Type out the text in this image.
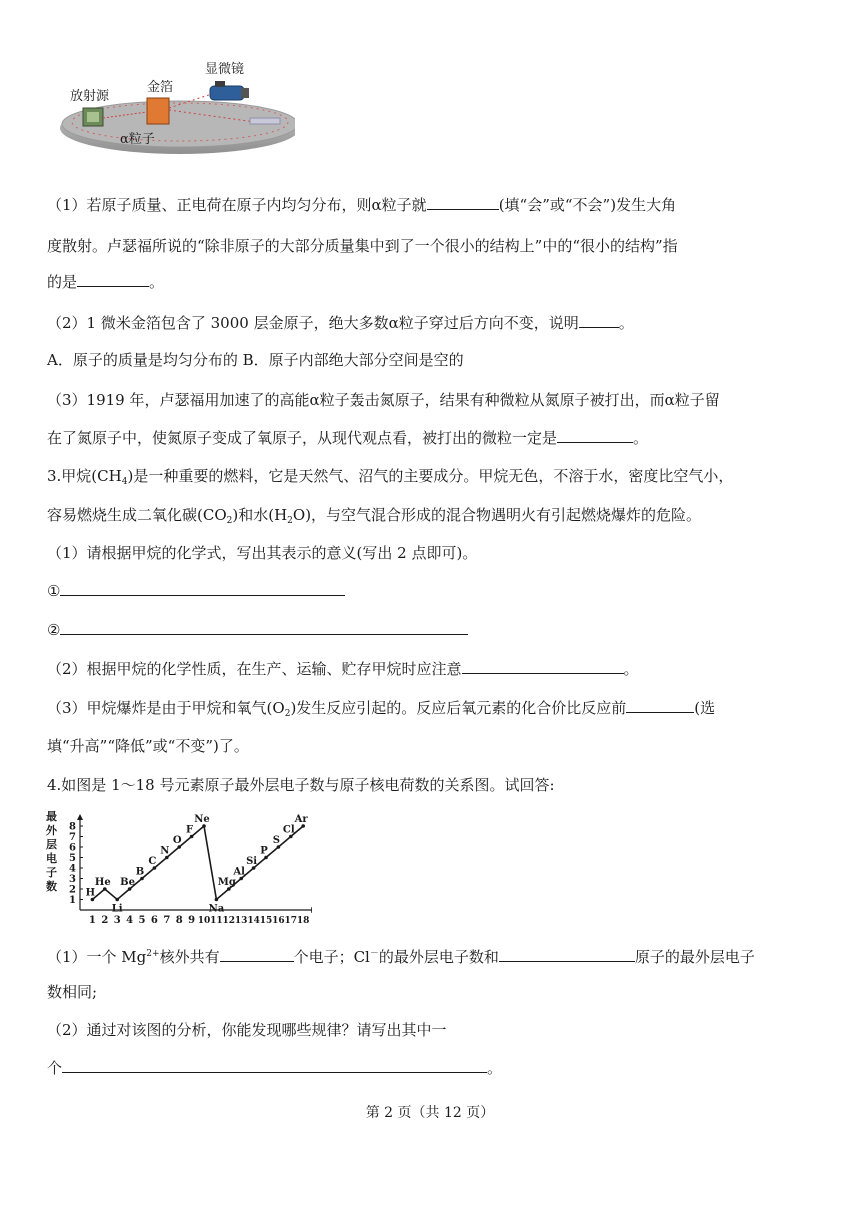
放射源
金箔
显微镜
α粒子
（1）若原子质量、正电荷在原子内均匀分布，则α粒子就	(填“会”或“不会”)发生大角
度散射。卢瑟福所说的“除非原子的大部分质量集中到了一个很小的结构上”中的“很小的结构”指
的是	。
（2）1 微米金箔包含了 3000 层金原子，绝大多数α粒子穿过后方向不变，说明	。
A．原子的质量是均匀分布的 B．原子内部绝大部分空间是空的
（3）1919 年，卢瑟福用加速了的高能α粒子轰击氮原子，结果有种微粒从氮原子被打出，而α粒子留
在了氮原子中，使氮原子变成了氧原子，从现代观点看，被打出的微粒一定是	。
3.甲烷$(CH_4)$是一种重要的燃料，它是天然气、沼气的主要成分。甲烷无色，不溶于水，密度比空气小，
容易燃烧生成二氧化碳$(CO_2)$和水$(H_2O)$，与空气混合形成的混合物遇明火有引起燃烧爆炸的危险。
（1）请根据甲烷的化学式，写出其表示的意义(写出 2 点即可)。
①
②
（2）根据甲烷的化学性质，在生产、运输、贮存甲烷时应注意	。
（3）甲烷爆炸是由于甲烷和氧气$(O_2)$发生反应引起的。反应后氧元素的化合价比反应前	(选
填“升高”“降低”或“不变”)了。
4.如图是 1～18 号元素原子最外层电子数与原子核电荷数的关系图。试回答:
最外层电子数
1
2
3
4
5
6
7
8
1 2 3 4 5 6 7 8 9 10 11 12 13 14 15 16 17 18
H
He
Li
Be
B
C
N
O
F
Ne
Na
Mg
Al
Si
P
S
Cl
Ar
（1）一个 $Mg^{2+}$核外共有	个电子；Cl－的最外层电子数和	原子的最外层电子
数相同;
（2）通过对该图的分析，你能发现哪些规律？请写出其中一
个	。
第 2 页（共 12 页）
